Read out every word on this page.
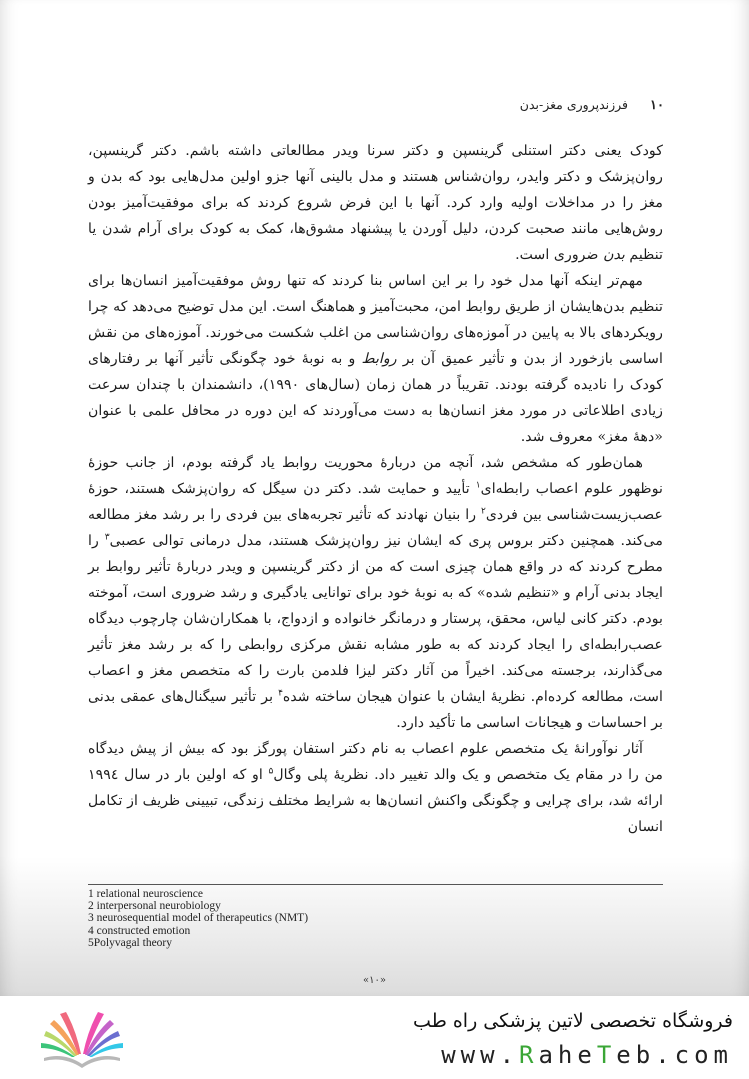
۱۰
فرزندپروری مغز-بدن

کودک یعنی دکتر استنلی گرینسپن و دکتر سرنا ویدر مطالعاتی داشته باشم. دکتر گرینسپن، روان‌پزشک و دکتر وایدر، روان‌شناس هستند و مدل بالینی آنها جزو اولین مدل‌هایی بود که بدن و مغز را در مداخلات اولیه وارد کرد. آنها با این فرض شروع کردند که برای موفقیت‌آمیز بودن روش‌هایی مانند صحبت کردن، دلیل آوردن یا پیشنهاد مشوق‌ها، کمک به کودک برای آرام شدن یا تنظیم بدن ضروری است.

مهم‌تر اینکه آنها مدل خود را بر این اساس بنا کردند که تنها روش موفقیت‌آمیز انسان‌ها برای تنظیم بدن‌هایشان از طریق روابط امن، محبت‌آمیز و هماهنگ است. این مدل توضیح می‌دهد که چرا رویکردهای بالا به پایین در آموزه‌های روان‌شناسی من اغلب شکست می‌خورند. آموزه‌های من نقش اساسی بازخورد از بدن و تأثیر عمیق آن بر روابط و به نوبهٔ خود چگونگی تأثیر آنها بر رفتارهای کودک را نادیده گرفته بودند. تقریباً در همان زمان (سال‌های ۱۹۹۰)، دانشمندان با چندان سرعت زیادی اطلاعاتی در مورد مغز انسان‌ها به دست می‌آوردند که این دوره در محافل علمی با عنوان «دههٔ مغز» معروف شد.

همان‌طور که مشخص شد، آنچه من دربارهٔ محوریت روابط یاد گرفته بودم، از جانب حوزهٔ نوظهور علوم اعصاب رابطه‌ای$^۱$ تأیید و حمایت شد. دکتر دن سیگل که روان‌پزشک هستند، حوزهٔ عصب‌زیست‌شناسی بین فردی$^۲$ را بنیان نهادند که تأثیر تجربه‌های بین فردی را بر رشد مغز مطالعه می‌کند. همچنین دکتر بروس پری که ایشان نیز روان‌پزشک هستند، مدل درمانی توالی عصبی$^۳$ را مطرح کردند که در واقع همان چیزی است که من از دکتر گرینسپن و ویدر دربارهٔ تأثیر روابط بر ایجاد بدنی آرام و «تنظیم شده» که به نوبهٔ خود برای توانایی یادگیری و رشد ضروری است، آموخته بودم. دکتر کانی لیاس، محقق، پرستار و درمانگر خانواده و ازدواج، با همکاران‌شان چارچوب دیدگاه عصب‌رابطه‌ای را ایجاد کردند که به طور مشابه نقش مرکزی روابطی را که بر رشد مغز تأثیر می‌گذارند، برجسته می‌کند. اخیراً من آثار دکتر لیزا فلدمن بارت را که متخصص مغز و اعصاب است، مطالعه کرده‌ام. نظریهٔ ایشان با عنوان هیجان ساخته شده$^۴$ بر تأثیر سیگنال‌های عمقی بدنی بر احساسات و هیجانات اساسی ما تأکید دارد.

آثار نوآورانهٔ یک متخصص علوم اعصاب به نام دکتر استفان پورگز بود که بیش از پیش دیدگاه من را در مقام یک متخصص و یک والد تغییر داد. نظریهٔ پلی وگال$^۵$ او که اولین بار در سال ۱۹۹٤ ارائه شد، برای چرایی و چگونگی واکنش انسان‌ها به شرایط مختلف زندگی، تبیینی ظریف از تکامل انسان

1 relational neuroscience
2 interpersonal neurobiology
3 neurosequential model of therapeutics (NMT)
4 constructed emotion
5Polyvagal theory
«۱۰»
فروشگاه تخصصی لاتین پزشکی راه طب
www.RaheTeb.com
